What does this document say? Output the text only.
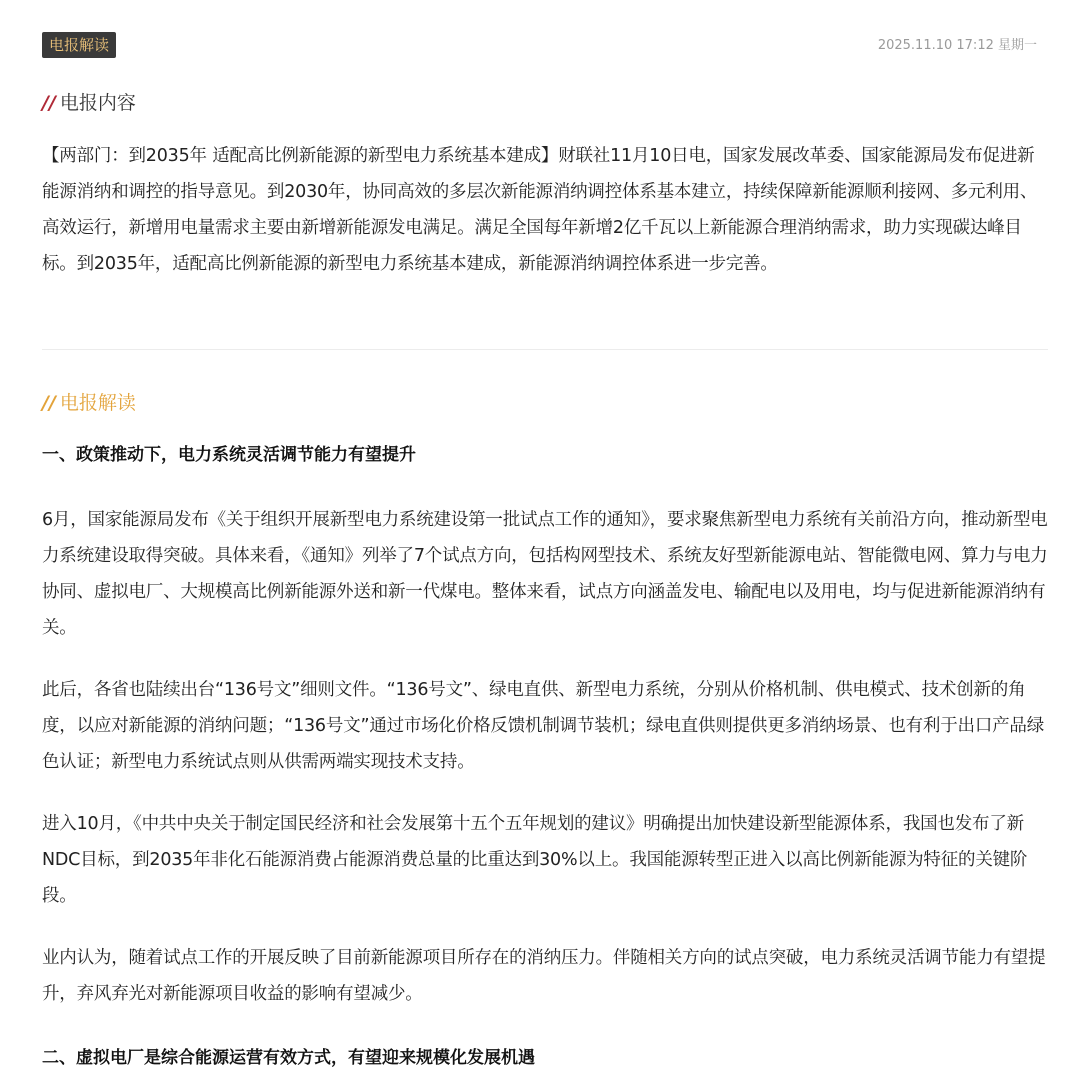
电报解读	2025.11.10 17:12 星期一
// 电报内容

【两部门：到2035年 适配高比例新能源的新型电力系统基本建成】财联社11月10日电，国家发展改革委、国家能源局发布促进新能源消纳和调控的指导意见。到2030年，协同高效的多层次新能源消纳调控体系基本建立，持续保障新能源顺利接网、多元利用、高效运行，新增用电量需求主要由新增新能源发电满足。满足全国每年新增2亿千瓦以上新能源合理消纳需求，助力实现碳达峰目标。到2035年，适配高比例新能源的新型电力系统基本建成，新能源消纳调控体系进一步完善。

// 电报解读
一、政策推动下，电力系统灵活调节能力有望提升

6月，国家能源局发布《关于组织开展新型电力系统建设第一批试点工作的通知》，要求聚焦新型电力系统有关前沿方向，推动新型电力系统建设取得突破。具体来看，《通知》列举了7个试点方向，包括构网型技术、系统友好型新能源电站、智能微电网、算力与电力协同、虚拟电厂、大规模高比例新能源外送和新一代煤电。整体来看，试点方向涵盖发电、输配电以及用电，均与促进新能源消纳有关。

此后，各省也陆续出台“136号文”细则文件。“136号文”、绿电直供、新型电力系统，分别从价格机制、供电模式、技术创新的角度，以应对新能源的消纳问题；“136号文”通过市场化价格反馈机制调节装机；绿电直供则提供更多消纳场景、也有利于出口产品绿色认证；新型电力系统试点则从供需两端实现技术支持。

进入10月，《中共中央关于制定国民经济和社会发展第十五个五年规划的建议》明确提出加快建设新型能源体系，我国也发布了新NDC目标，到2035年非化石能源消费占能源消费总量的比重达到30%以上。我国能源转型正进入以高比例新能源为特征的关键阶段。

业内认为，随着试点工作的开展反映了目前新能源项目所存在的消纳压力。伴随相关方向的试点突破，电力系统灵活调节能力有望提升，弃风弃光对新能源项目收益的影响有望减少。

二、虚拟电厂是综合能源运营有效方式，有望迎来规模化发展机遇
